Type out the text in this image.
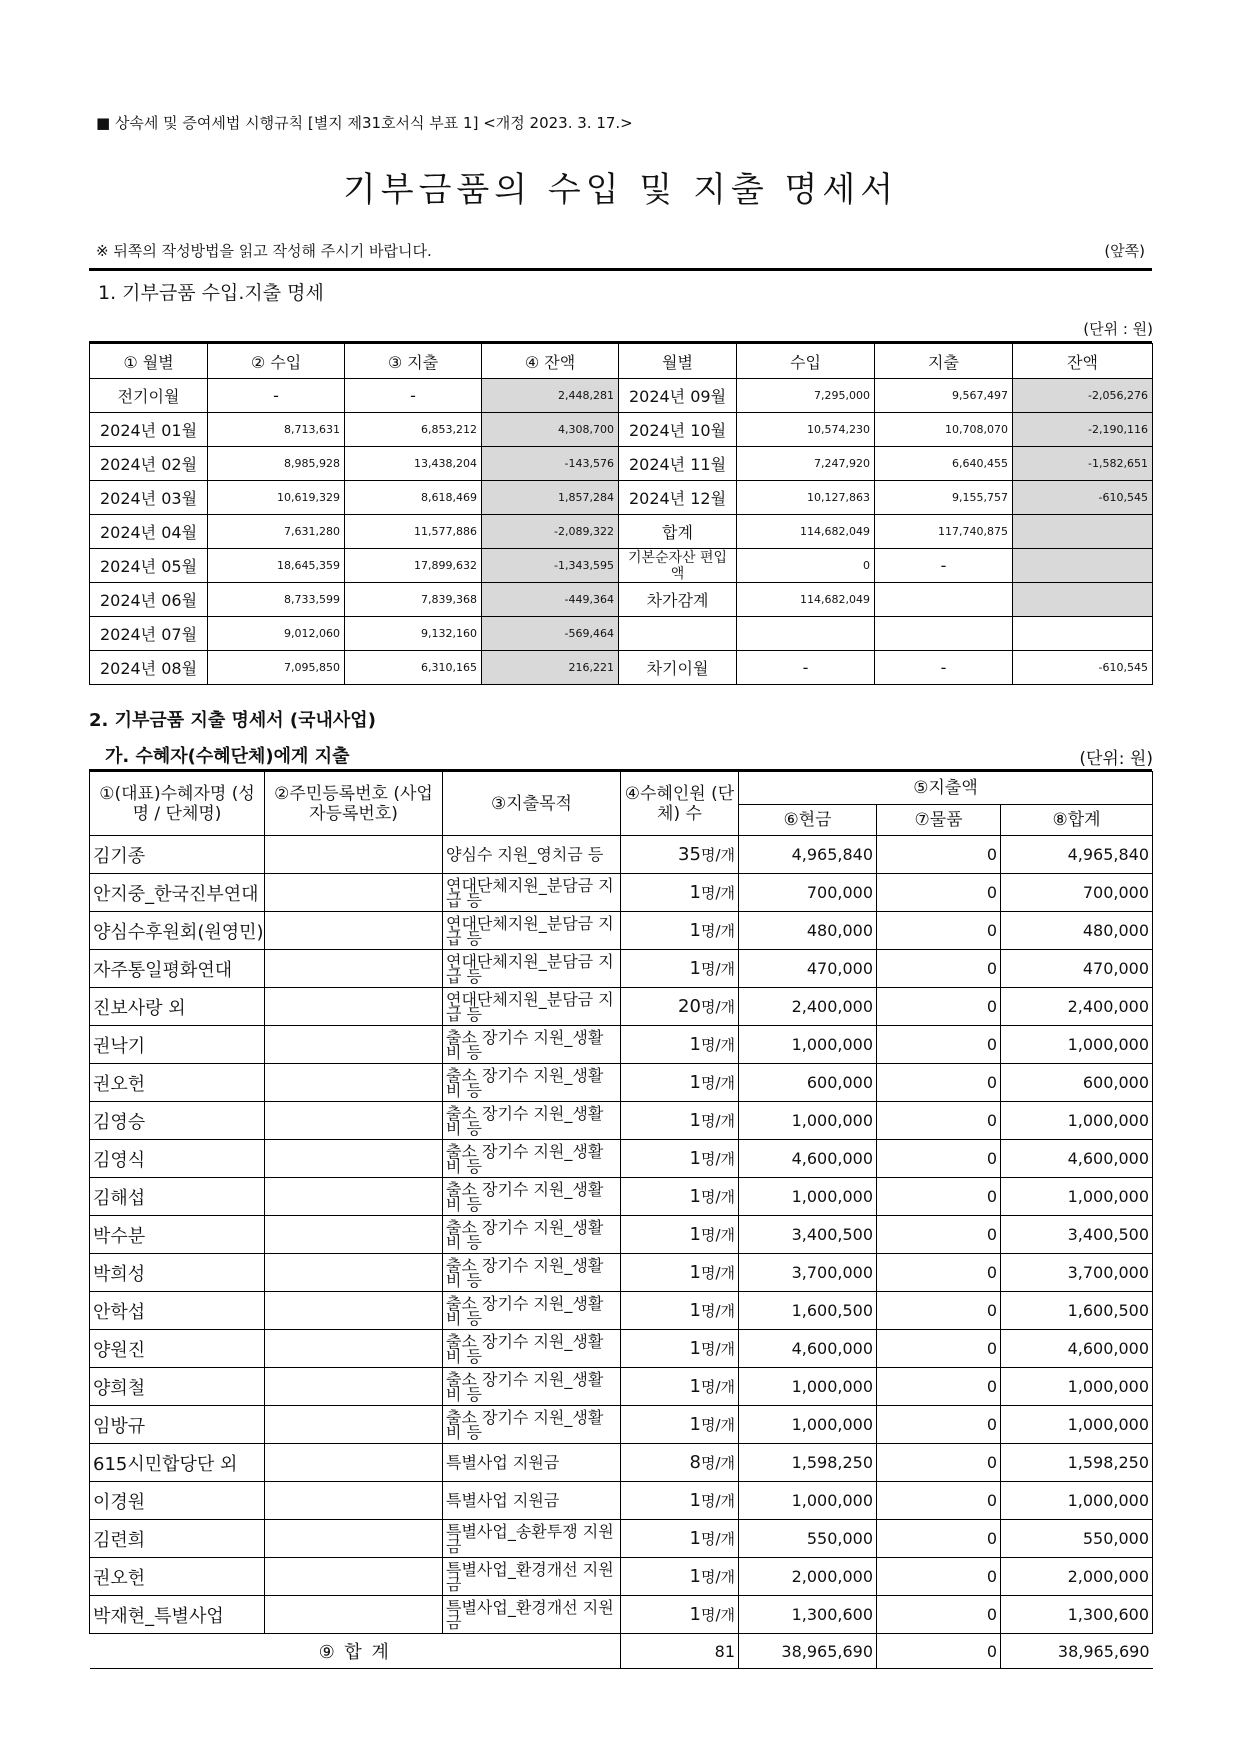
■ 상속세 및 증여세법 시행규칙 [별지 제31호서식 부표 1] <개정 2023. 3. 17.>
기부금품의 수입 및 지출 명세서
※ 뒤쪽의 작성방법을 읽고 작성해 주시기 바랍니다.	(앞쪽)
1. 기부금품 수입.지출 명세
(단위 : 원)
① 월별	② 수입	③ 지출	④ 잔액	월별	수입	지출	잔액
전기이월	-	-	2,448,281	2024년 09월	7,295,000	9,567,497	-2,056,276
2024년 01월	8,713,631	6,853,212	4,308,700	2024년 10월	10,574,230	10,708,070	-2,190,116
2024년 02월	8,985,928	13,438,204	-143,576	2024년 11월	7,247,920	6,640,455	-1,582,651
2024년 03월	10,619,329	8,618,469	1,857,284	2024년 12월	10,127,863	9,155,757	-610,545
2024년 04월	7,631,280	11,577,886	-2,089,322	합계	114,682,049	117,740,875	
2024년 05월	18,645,359	17,899,632	-1,343,595	기본순자산 편입액	0	-	
2024년 06월	8,733,599	7,839,368	-449,364	차가감계	114,682,049		
2024년 07월	9,012,060	9,132,160	-569,464				
2024년 08월	7,095,850	6,310,165	216,221	차기이월	-	-	-610,545
2. 기부금품 지출 명세서 (국내사업)
가. 수혜자(수혜단체)에게 지출	(단위: 원)
①(대표)수혜자명 (성명 / 단체명)	②주민등록번호 (사업자등록번호)	③지출목적	④수혜인원 (단체) 수	⑤지출액		
				⑥현금	⑦물품	⑧합계
김기종		양심수 지원_영치금 등	35명/개	4,965,840	0	4,965,840
안지중_한국진부연대		연대단체지원_분담금 지급 등	1명/개	700,000	0	700,000
양심수후원회(원영민)		연대단체지원_분담금 지급 등	1명/개	480,000	0	480,000
자주통일평화연대		연대단체지원_분담금 지급 등	1명/개	470,000	0	470,000
진보사랑 외		연대단체지원_분담금 지급 등	20명/개	2,400,000	0	2,400,000
권낙기		출소 장기수 지원_생활비 등	1명/개	1,000,000	0	1,000,000
권오헌		출소 장기수 지원_생활비 등	1명/개	600,000	0	600,000
김영승		출소 장기수 지원_생활비 등	1명/개	1,000,000	0	1,000,000
김영식		출소 장기수 지원_생활비 등	1명/개	4,600,000	0	4,600,000
김해섭		출소 장기수 지원_생활비 등	1명/개	1,000,000	0	1,000,000
박수분		출소 장기수 지원_생활비 등	1명/개	3,400,500	0	3,400,500
박희성		출소 장기수 지원_생활비 등	1명/개	3,700,000	0	3,700,000
안학섭		출소 장기수 지원_생활비 등	1명/개	1,600,500	0	1,600,500
양원진		출소 장기수 지원_생활비 등	1명/개	4,600,000	0	4,600,000
양희철		출소 장기수 지원_생활비 등	1명/개	1,000,000	0	1,000,000
임방규		출소 장기수 지원_생활비 등	1명/개	1,000,000	0	1,000,000
615시민합당단 외		특별사업 지원금	8명/개	1,598,250	0	1,598,250
이경원		특별사업 지원금	1명/개	1,000,000	0	1,000,000
김련희		특별사업_송환투쟁 지원금	1명/개	550,000	0	550,000
권오헌		특별사업_환경개선 지원금	1명/개	2,000,000	0	2,000,000
박재현_특별사업		특별사업_환경개선 지원금	1명/개	1,300,600	0	1,300,600
⑨ 합 계			81	38,965,690	0	38,965,690
